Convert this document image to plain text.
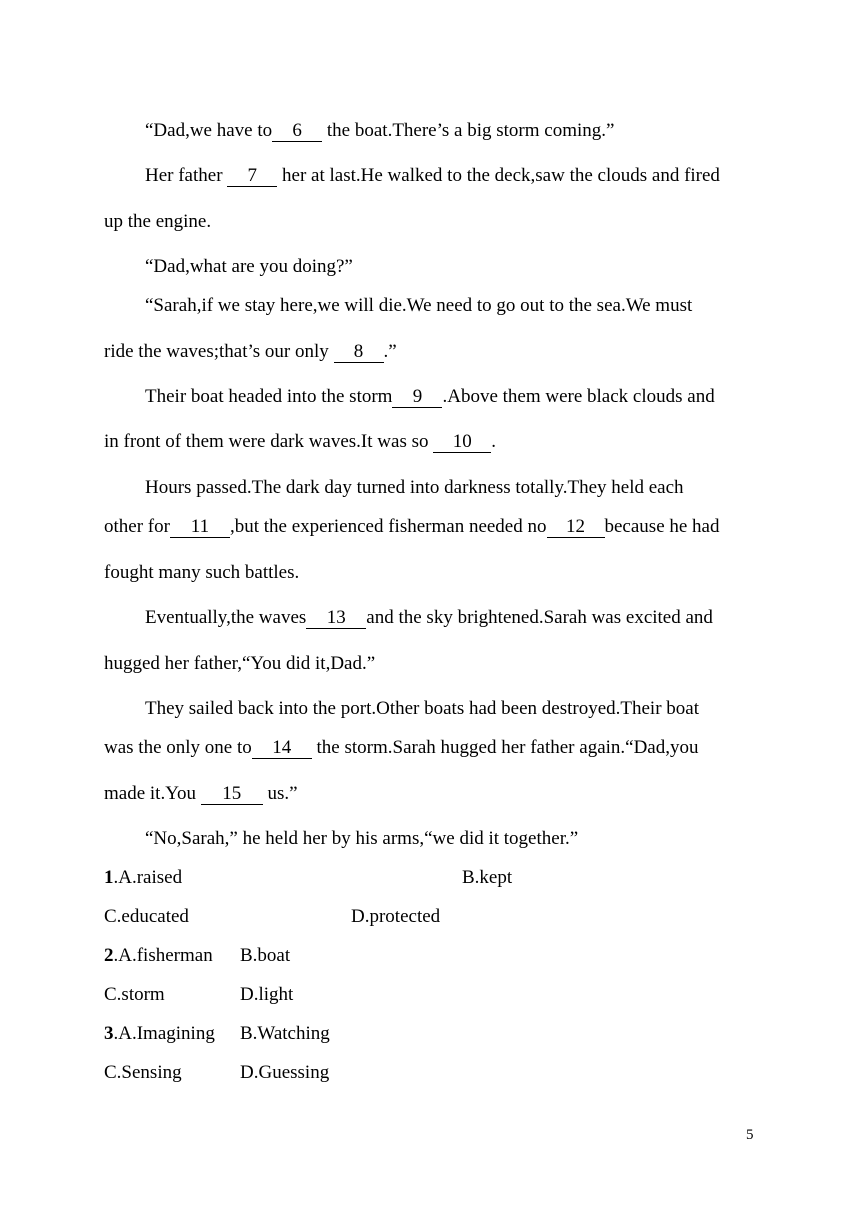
“Dad,we have to 6 the boat.There’s a big storm coming.”
Her father 7 her at last.He walked to the deck,saw the clouds and fired
up the engine.
“Dad,what are you doing?”
“Sarah,if we stay here,we will die.We need to go out to the sea.We must
ride the waves;that’s our only 8 .”
Their boat headed into the storm 9 .Above them were black clouds and
in front of them were dark waves.It was so 10 .
Hours passed.The dark day turned into darkness totally.They held each
other for 11 ,but the experienced fisherman needed no 12 because he had
fought many such battles.
Eventually,the waves 13 and the sky brightened.Sarah was excited and
hugged her father,“You did it,Dad.”
They sailed back into the port.Other boats had been destroyed.Their boat
was the only one to 14 the storm.Sarah hugged her father again.“Dad,you
made it.You 15 us.”
“No,Sarah,” he held her by his arms,“we did it together.”
1.A.raised	B.kept
C.educated	D.protected
2.A.fisherman B.boat
C.storm	D.light
3.A.Imagining B.Watching
C.Sensing	D.Guessing
5
